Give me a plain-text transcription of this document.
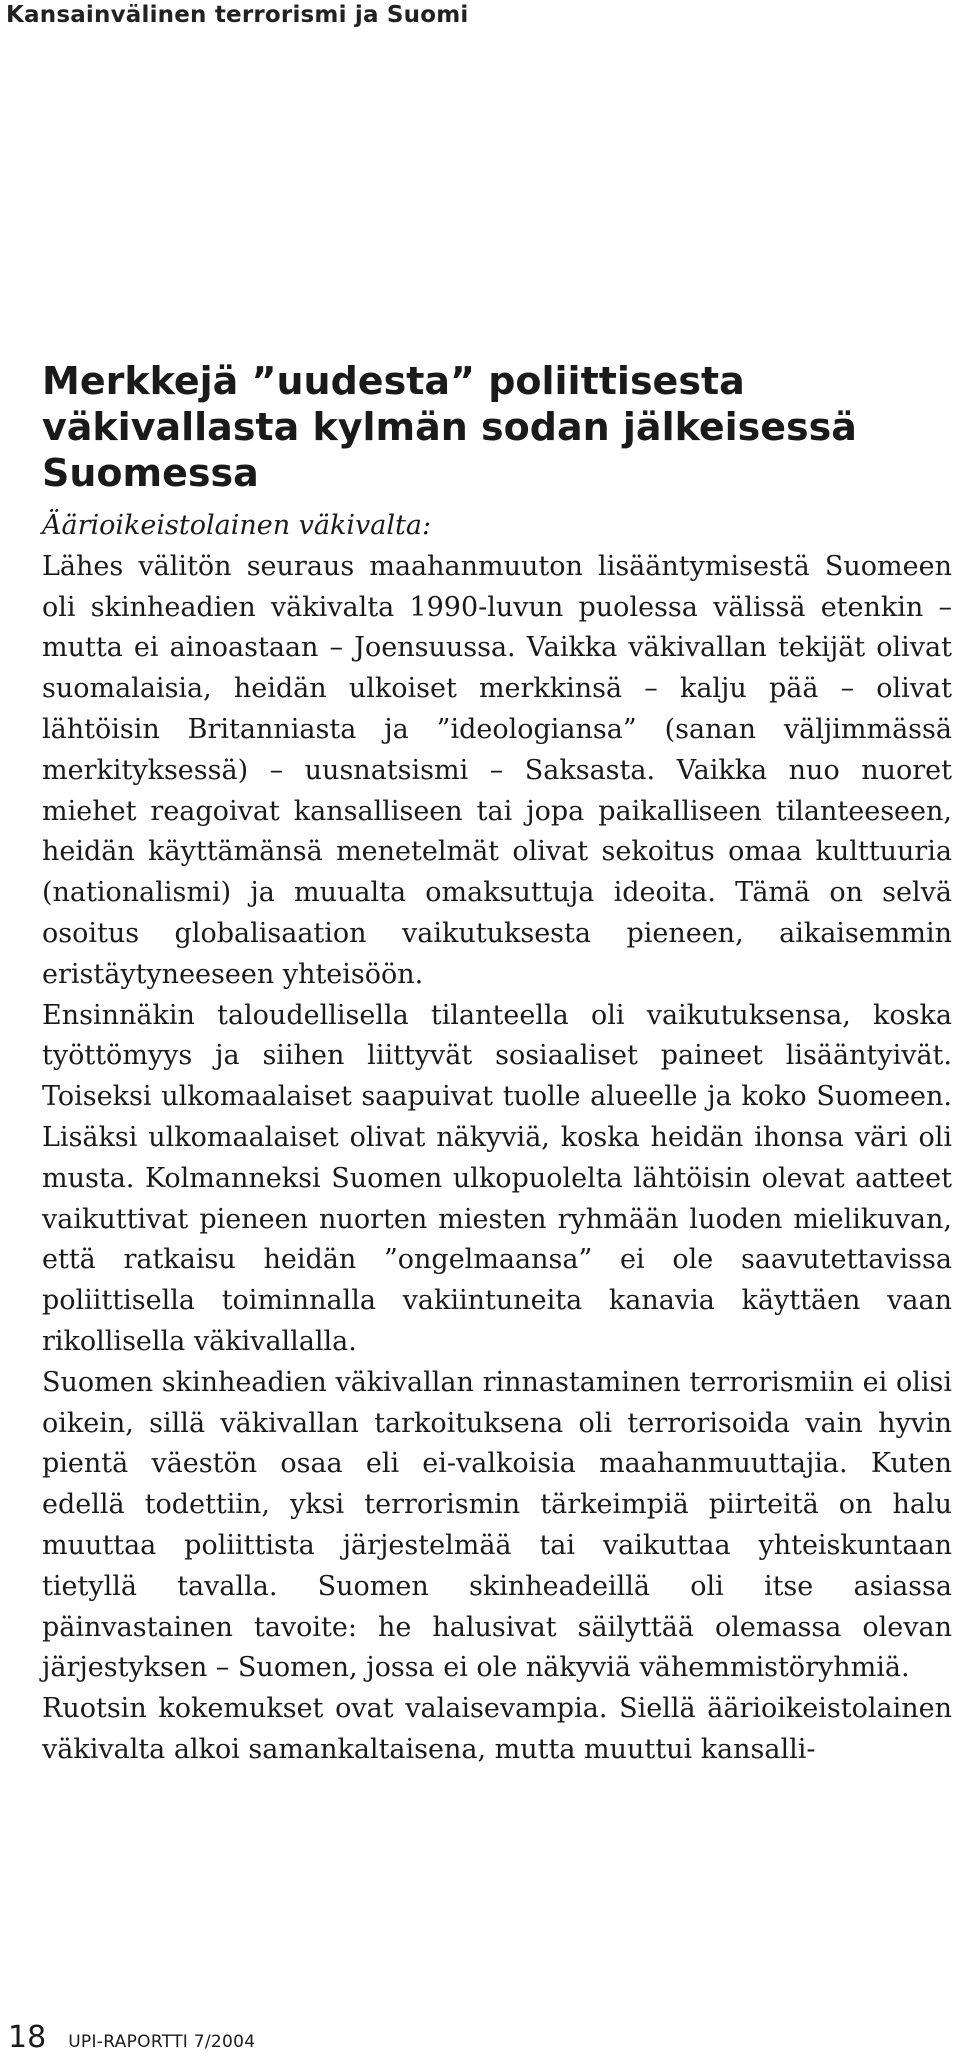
Kansainvälinen terrorismi ja Suomi
Merkkejä ”uudesta” poliittisesta väkivallasta kylmän sodan jälkeisessä Suomessa

Äärioikeistolainen väkivalta:

Lähes välitön seuraus maahanmuuton lisääntymisestä Suomeen oli skinheadien väkivalta 1990-luvun puolessa välissä etenkin – mutta ei ainoastaan – Joensuussa. Vaikka väkivallan tekijät olivat suomalaisia, heidän ulkoiset merkkinsä – kalju pää – olivat lähtöisin Britanniasta ja ”ideologiansa” (sanan väljimmässä merkityksessä) – uusnatsismi – Saksasta. Vaikka nuo nuoret miehet reagoivat kansalliseen tai jopa paikalliseen tilanteeseen, heidän käyttämänsä menetelmät olivat sekoitus omaa kulttuuria (nationalismi) ja muualta omaksuttuja ideoita. Tämä on selvä osoitus globalisaation vaikutuksesta pieneen, aikaisemmin eristäytyneeseen yhteisöön.

Ensinnäkin taloudellisella tilanteella oli vaikutuksensa, koska työttömyys ja siihen liittyvät sosiaaliset paineet lisääntyivät. Toiseksi ulkomaalaiset saapuivat tuolle alueelle ja koko Suomeen. Lisäksi ulkomaalaiset olivat näkyviä, koska heidän ihonsa väri oli musta. Kolmanneksi Suomen ulkopuolelta lähtöisin olevat aatteet vaikuttivat pieneen nuorten miesten ryhmään luoden mielikuvan, että ratkaisu heidän ”ongelmaansa” ei ole saavutettavissa poliittisella toiminnalla vakiintuneita kanavia käyttäen vaan rikollisella väkivallalla.

Suomen skinheadien väkivallan rinnastaminen terrorismiin ei olisi oikein, sillä väkivallan tarkoituksena oli terrorisoida vain hyvin pientä väestön osaa eli ei-valkoisia maahanmuuttajia. Kuten edellä todettiin, yksi terrorismin tärkeimpiä piirteitä on halu muuttaa poliittista järjestelmää tai vaikuttaa yhteiskuntaan tietyllä tavalla. Suomen skinheadeillä oli itse asiassa päinvastainen tavoite: he halusivat säilyttää olemassa olevan järjestyksen – Suomen, jossa ei ole näkyviä vähemmistöryhmiä.

Ruotsin kokemukset ovat valaisevampia. Siellä äärioikeistolainen väkivalta alkoi samankaltaisena, mutta muuttui kansalli-

18 UPI-RAPORTTI 7/2004
